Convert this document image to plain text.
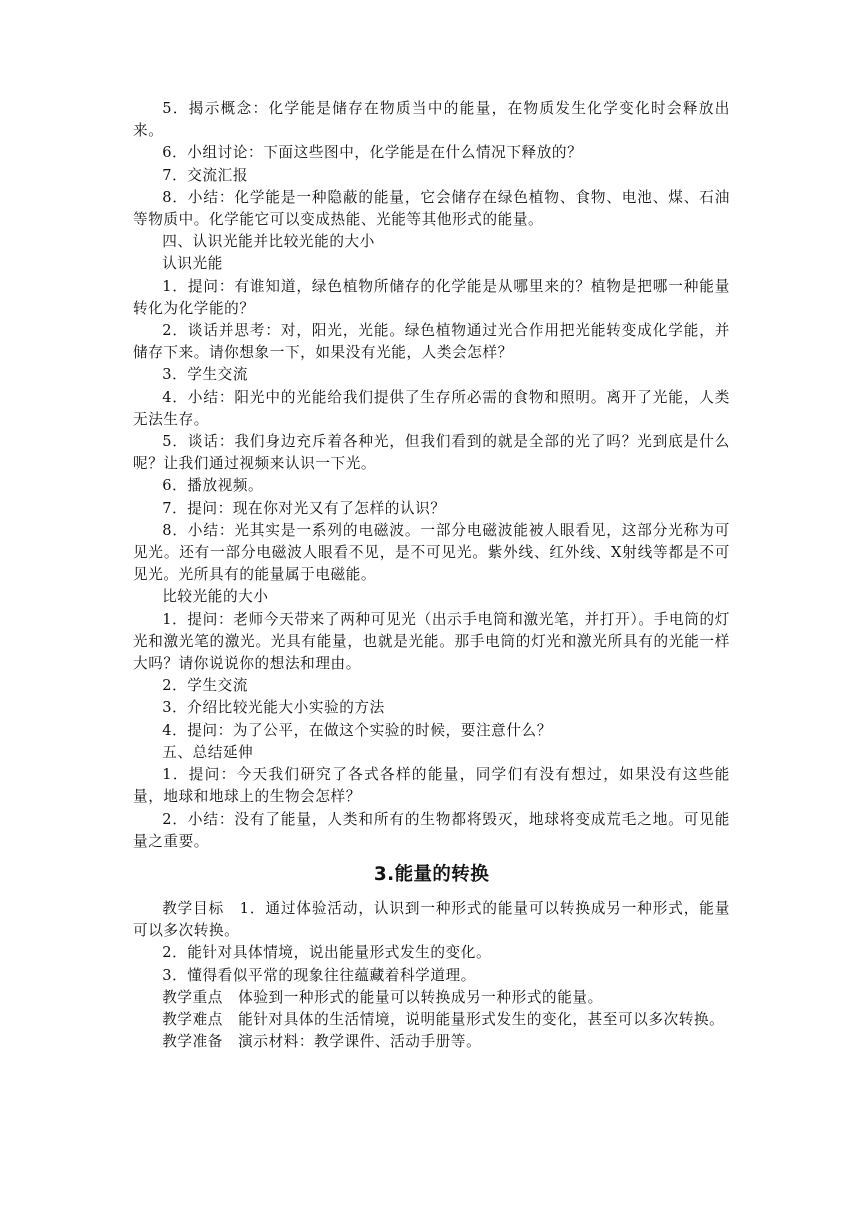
5．揭示概念：化学能是储存在物质当中的能量，在物质发生化学变化时会释放出来。

6．小组讨论：下面这些图中，化学能是在什么情况下释放的？

7．交流汇报

8．小结：化学能是一种隐蔽的能量，它会储存在绿色植物、食物、电池、煤、石油等物质中。化学能它可以变成热能、光能等其他形式的能量。

四、认识光能并比较光能的大小

认识光能

1．提问：有谁知道，绿色植物所储存的化学能是从哪里来的？植物是把哪一种能量转化为化学能的？

2．谈话并思考：对，阳光，光能。绿色植物通过光合作用把光能转变成化学能，并储存下来。请你想象一下，如果没有光能，人类会怎样？

3．学生交流

4．小结：阳光中的光能给我们提供了生存所必需的食物和照明。离开了光能，人类无法生存。

5．谈话：我们身边充斥着各种光，但我们看到的就是全部的光了吗？光到底是什么呢？让我们通过视频来认识一下光。

6．播放视频。

7．提问：现在你对光又有了怎样的认识？

8．小结：光其实是一系列的电磁波。一部分电磁波能被人眼看见，这部分光称为可见光。还有一部分电磁波人眼看不见，是不可见光。紫外线、红外线、X射线等都是不可见光。光所具有的能量属于电磁能。

比较光能的大小

1．提问：老师今天带来了两种可见光（出示手电筒和激光笔，并打开）。手电筒的灯光和激光笔的激光。光具有能量，也就是光能。那手电筒的灯光和激光所具有的光能一样大吗？请你说说你的想法和理由。

2．学生交流

3．介绍比较光能大小实验的方法

4．提问：为了公平，在做这个实验的时候，要注意什么？

五、总结延伸

1．提问：今天我们研究了各式各样的能量，同学们有没有想过，如果没有这些能量，地球和地球上的生物会怎样？

2．小结：没有了能量，人类和所有的生物都将毁灭，地球将变成荒毛之地。可见能量之重要。

3.能量的转换

教学目标　1．通过体验活动，认识到一种形式的能量可以转换成另一种形式，能量可以多次转换。

2．能针对具体情境，说出能量形式发生的变化。

3．懂得看似平常的现象往往蕴藏着科学道理。

教学重点　体验到一种形式的能量可以转换成另一种形式的能量。

教学难点　能针对具体的生活情境，说明能量形式发生的变化，甚至可以多次转换。

教学准备　演示材料：教学课件、活动手册等。
